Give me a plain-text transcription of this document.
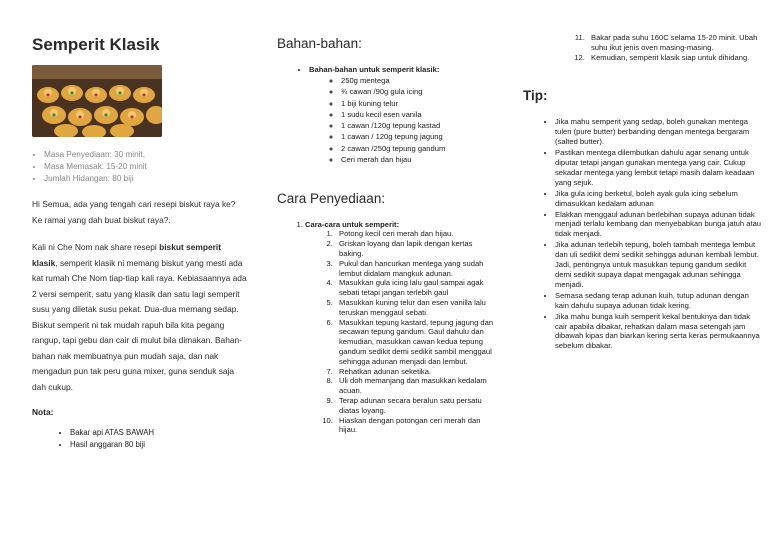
Semperit Klasik
• Masa Penyediaan: 30 minit,
• Masa Memasak: 15-20 minit
• Jumlah Hidangan: 80 biji

Hi Semua, ada yang tengah cari resepi biskut raya ke? Ke ramai yang dah buat biskut raya?.

Kali ni Che Nom nak share resepi biskut semperit klasik, semperit klasik ni memang biskut yang mesti ada kat rumah Che Nom tiap-tiap kali raya. Kebiasaannya ada 2 versi semperit, satu yang klasik dan satu lagi semperit susu yang diletak susu pekat. Dua-dua memang sedap. Biskut semperit ni tak mudah rapuh bila kita pegang rangup, tapi gebu dan cair di mulut bila dimakan. Bahan-bahan nak membuatnya pun mudah saja, dan nak mengadun pun tak peru guna mixer, guna senduk saja dah cukup.

Nota:

• Bakar api ATAS BAWAH
• Hasil anggaran 80 biji
Bahan-bahan:
• Bahan-bahan untuk semperit klasik:
◦ 250g mentega
◦ ¾ cawan /90g gula icing
◦ 1 biji kuning telur
◦ 1 sudu kecil esen vanila
◦ 1 cawan /120g tepung kastad
◦ 1 cawan / 120g tepung jagung
◦ 2 cawan /250g tepung gandum
◦ Ceri merah dan hijau
Cara Penyediaan:
1. Cara-cara untuk semperit:
1. Potong kecil ceri merah dan hijau.
2. Griskan loyang dan lapik dengan kertas baking.
3. Pukul dan hancurkan mentega yang sudah lembut didalam mangkuk adunan.
4. Masukkan gula icing lalu gaul sampai agak sebati tetapi jangan terlebih gaul
5. Masukkan kuning telur dan esen vanilla lalu teruskan menggaul sebati.
6. Masukkan tepung kastard, tepung jagung dan secawan tepung gandum. Gaul dahulu dan kemudian, masukkan cawan kedua tepung gandum sedikit demi sedikit sambil menggaul sehingga adunan menjadi dan lembut.
7. Rehatkan adunan seketika.
8. Uli doh memanjang dan masukkan kedalam acuan.
9. Terap adunan secara beralun satu persatu diatas loyang.
10. Hiaskan dengan potongan ceri merah dan hijau.
11. Bakar pada suhu 160C selama 15-20 minit. Ubah suhu ikut jenis oven masing-masing.
12. Kemudian, semperit klasik siap untuk dihidang.
Tip:
• Jika mahu semperit yang sedap, boleh gunakan mentega tulen (pure butter) berbanding dengan mentega bergaram (salted butter).
• Pastikan mentega dilembutkan dahulu agar senang untuk diputar tetapi jangan gunakan mentega yang cair. Cukup sekadar mentega yang lembut tetapi masih dalam keadaan yang sejuk.
• Jika gula icing berketul, boleh ayak gula icing sebelum dimasukkan kedalam adunan
• Elakkan menggaul adunan berlebihan supaya adunan tidak menjadi terlalu kembang dan menyebabkan bunga jatuh atau tidak menjadi.
• Jika adunan terlebih tepung, boleh tambah mentega lembut dan uli sedikit demi sedikit sehingga adunan kembali lembut. Jadi, pentingnya untuk masukkan tepung gandum sedikit demi sedikit supaya dapat mengagak adunan sehingga menjadi.
• Semasa sedang terap adunan kuih, tutup adunan dengan kain dahulu supaya adunan tidak kering.
• Jika mahu bunga kuih semperit kekal bentuknya dan tidak cair apabila dibakar, rehatkan dalam masa setengah jam dibawah kipas dan biarkan kering serta keras permukaannya sebelum dibakar.
